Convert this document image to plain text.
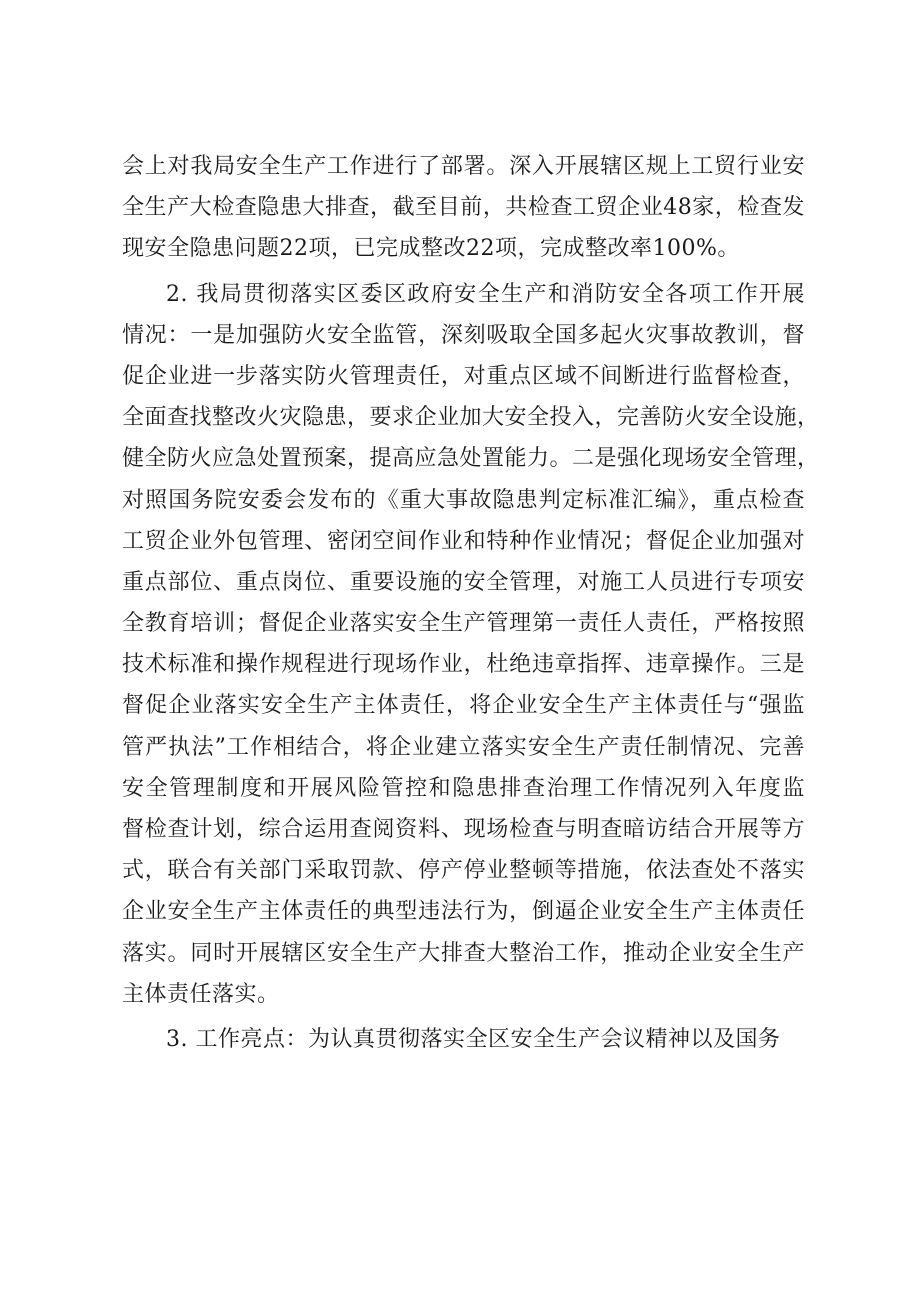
会上对我局安全生产工作进行了部署。深入开展辖区规上工贸行业安
全生产大检查隐患大排查，截至目前，共检查工贸企业48家，检查发
现安全隐患问题22项，已完成整改22项，完成整改率100%。
2. 我局贯彻落实区委区政府安全生产和消防安全各项工作开展
情况：一是加强防火安全监管，深刻吸取全国多起火灾事故教训，督
促企业进一步落实防火管理责任，对重点区域不间断进行监督检查，
全面查找整改火灾隐患，要求企业加大安全投入，完善防火安全设施，
健全防火应急处置预案，提高应急处置能力。二是强化现场安全管理，
对照国务院安委会发布的《重大事故隐患判定标准汇编》，重点检查
工贸企业外包管理、密闭空间作业和特种作业情况；督促企业加强对
重点部位、重点岗位、重要设施的安全管理，对施工人员进行专项安
全教育培训；督促企业落实安全生产管理第一责任人责任，严格按照
技术标准和操作规程进行现场作业，杜绝违章指挥、违章操作。三是
督促企业落实安全生产主体责任，将企业安全生产主体责任与“强监
管严执法”工作相结合，将企业建立落实安全生产责任制情况、完善
安全管理制度和开展风险管控和隐患排查治理工作情况列入年度监
督检查计划，综合运用查阅资料、现场检查与明查暗访结合开展等方
式，联合有关部门采取罚款、停产停业整顿等措施，依法查处不落实
企业安全生产主体责任的典型违法行为，倒逼企业安全生产主体责任
落实。同时开展辖区安全生产大排查大整治工作，推动企业安全生产
主体责任落实。
3. 工作亮点：为认真贯彻落实全区安全生产会议精神以及国务
